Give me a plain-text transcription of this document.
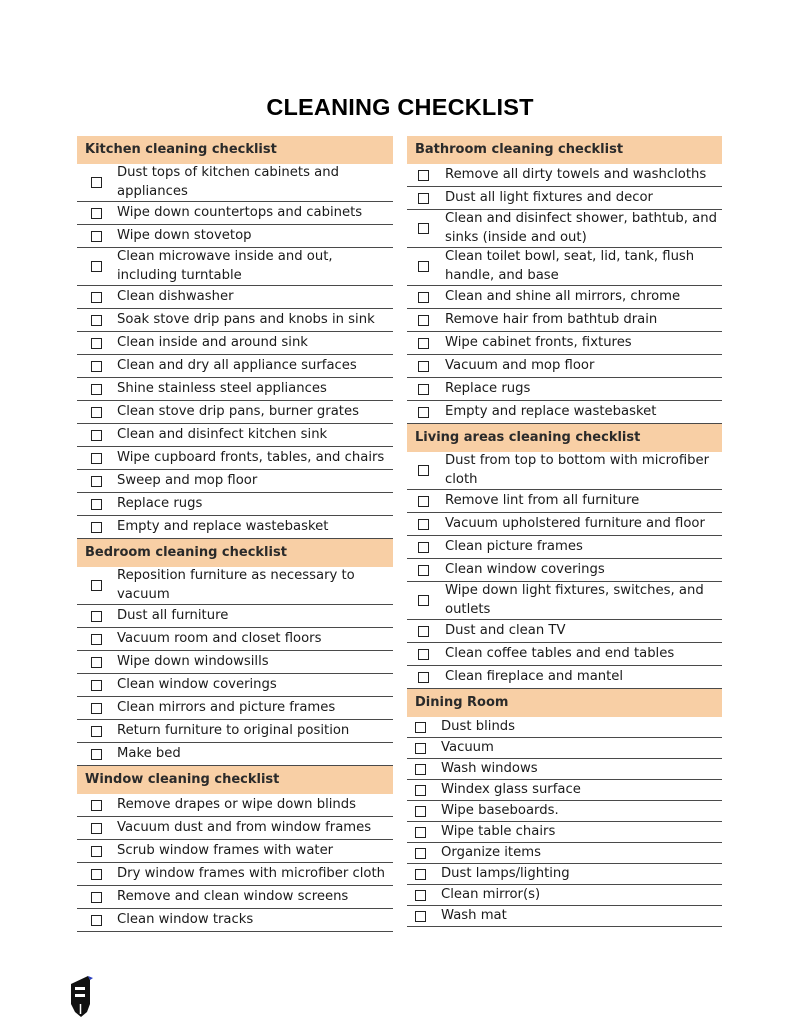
CLEANING CHECKLIST
Kitchen cleaning checklist
Dust tops of kitchen cabinets and appliances
Wipe down countertops and cabinets
Wipe down stovetop
Clean microwave inside and out, including turntable
Clean dishwasher
Soak stove drip pans and knobs in sink
Clean inside and around sink
Clean and dry all appliance surfaces
Shine stainless steel appliances
Clean stove drip pans, burner grates
Clean and disinfect kitchen sink
Wipe cupboard fronts, tables, and chairs
Sweep and mop floor
Replace rugs
Empty and replace wastebasket
Bedroom cleaning checklist
Reposition furniture as necessary to vacuum
Dust all furniture
Vacuum room and closet floors
Wipe down windowsills
Clean window coverings
Clean mirrors and picture frames
Return furniture to original position
Make bed
Window cleaning checklist
Remove drapes or wipe down blinds
Vacuum dust and from window frames
Scrub window frames with water
Dry window frames with microfiber cloth
Remove and clean window screens
Clean window tracks
Bathroom cleaning checklist
Remove all dirty towels and washcloths
Dust all light fixtures and decor
Clean and disinfect shower, bathtub, and sinks (inside and out)
Clean toilet bowl, seat, lid, tank, flush handle, and base
Clean and shine all mirrors, chrome
Remove hair from bathtub drain
Wipe cabinet fronts, fixtures
Vacuum and mop floor
Replace rugs
Empty and replace wastebasket
Living areas cleaning checklist
Dust from top to bottom with microfiber cloth
Remove lint from all furniture
Vacuum upholstered furniture and floor
Clean picture frames
Clean window coverings
Wipe down light fixtures, switches, and outlets
Dust and clean TV
Clean coffee tables and end tables
Clean fireplace and mantel
Dining Room
Dust blinds
Vacuum
Wash windows
Windex glass surface
Wipe baseboards.
Wipe table chairs
Organize items
Dust lamps/lighting
Clean mirror(s)
Wash mat
